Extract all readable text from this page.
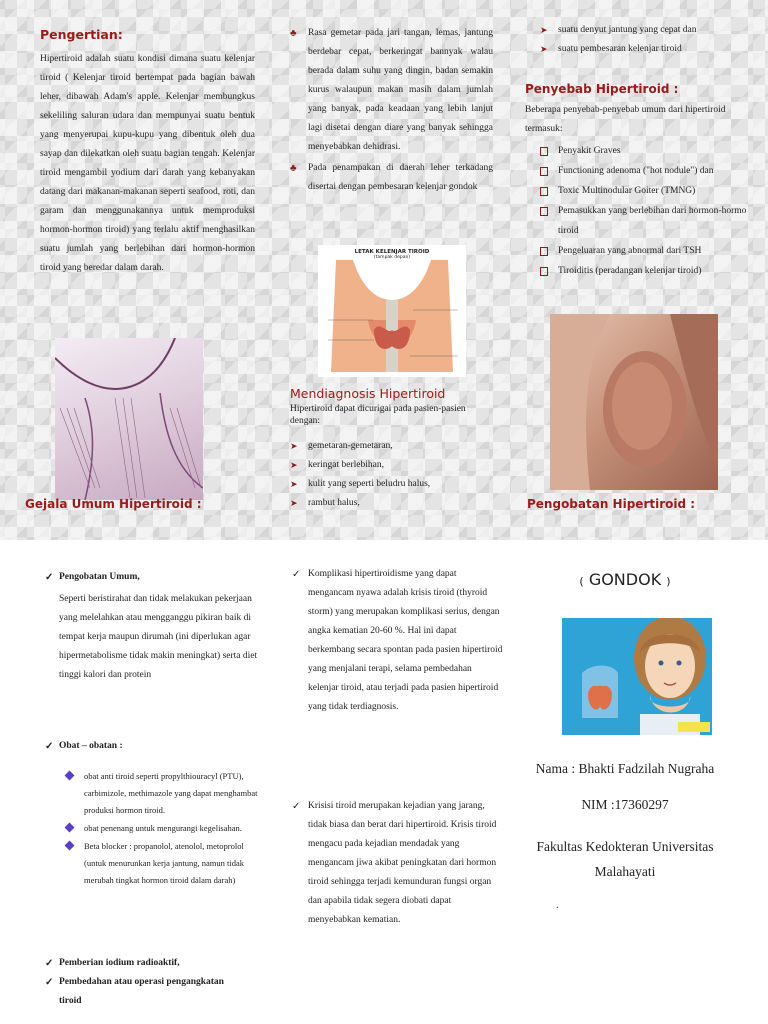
Pengertian:
Hipertiroid adalah suatu kondisi dimana suatu kelenjar tiroid ( Kelenjar tiroid bertempat pada bagian bawah leher, dibawah Adam's apple. Kelenjar membungkus sekeliling saluran udara dan mempunyai suatu bentuk yang menyerupai kupu-kupu yang dibentuk oleh dua sayap dan dilekatkan oleh suatu bagian tengah. Kelenjar tiroid mengambil yodium dari darah yang kebanyakan datang dari makanan-makanan seperti seafood, roti, dan garam dan menggunakannya untuk memproduksi hormon-hormon tiroid) yang terlalu aktif menghasilkan suatu jumlah yang berlebihan dari hormon-hormon tiroid yang beredar dalam darah.
Gejala Umum Hipertiroid :
♣ Rasa gemetar pada jari tangan, lemas, jantung berdebar cepat, berkeringat bannyak walau berada dalam suhu yang dingin, badan semakin kurus walaupun makan masih dalam jumlah yang banyak, pada keadaan yang lebih lanjut lagi disetai dengan diare yang banyak sehingga menyebabkan dehidrasi.
♣ Pada penampakan di daerah leher terkadang disertai dengan pembesaran kelenjar gondok
LETAK KELENJAR TIROID
(tampak depan)
Mendiagnosis Hipertiroid
Hipertiroid dapat dicurigai pada pasien-pasien dengan:
➤ gemetaran-gemetaran,
➤ keringat berlebihan,
➤ kulit yang seperti beludru halus,
➤ rambut halus,
➤ suatu denyut jantung yang cepat dan
➤ suatu pembesaran kelenjar tiroid
Penyebab Hipertiroid :
Beberapa penyebab-penyebab umum dari hipertiroid termasuk:
Penyakit Graves
Functioning adenoma ("hot nodule") dan
Toxic Multinodular Goiter (TMNG)
Pemasukkan yang berlebihan dari hormon-hormo tiroid
Pengeluaran yang abnormal dari TSH
Tiroiditis (peradangan kelenjar tiroid)
Pengobatan Hipertiroid :
✓ Pengobatan Umum,
Seperti beristirahat dan tidak melakukan pekerjaan yang melelahkan atau mengganggu pikiran baik di tempat kerja maupun dirumah (ini diperlukan agar hipermetabolisme tidak makin meningkat) serta diet tinggi kalori dan protein
✓ Obat – obatan :
obat anti tiroid seperti propylthiouracyl (PTU), carbimizole, methimazole yang dapat menghambat produksi hormon tiroid.
obat penenang untuk mengurangi kegelisahan.
Beta blocker : propanolol, atenolol, metoprolol (untuk menurunkan kerja jantung, namun tidak merubah tingkat hormon tiroid dalam darah)
✓ Pemberian iodium radioaktif,
✓ Pembedahan atau operasi pengangkatan tiroid
✓ Komplikasi hipertiroidisme yang dapat mengancam nyawa adalah krisis tiroid (thyroid storm) yang merupakan komplikasi serius, dengan angka kematian 20-60 %. Hal ini dapat berkembang secara spontan pada pasien hipertiroid yang menjalani terapi, selama pembedahan kelenjar tiroid, atau terjadi pada pasien hipertiroid yang tidak terdiagnosis.
✓ Krisisi tiroid merupakan kejadian yang jarang, tidak biasa dan berat dari hipertiroid. Krisis tiroid mengacu pada kejadian mendadak yang mengancam jiwa akibat peningkatan dari hormon tiroid sehingga terjadi kemunduran fungsi organ dan apabila tidak segera diobati dapat menyebabkan kematian.
( GONDOK )
Nama : Bhakti Fadzilah Nugraha
NIM :17360297
Fakultas Kedokteran Universitas Malahayati
.
